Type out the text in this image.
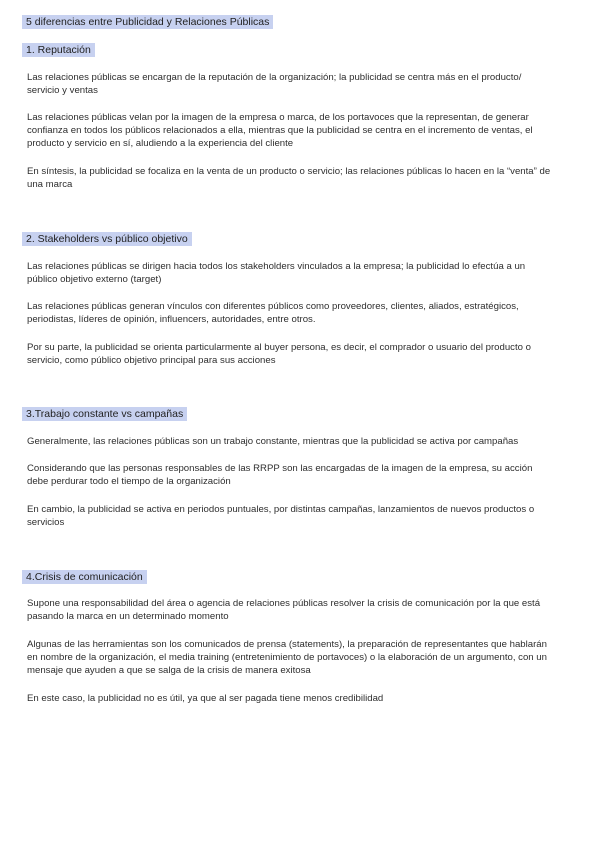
5 diferencias entre Publicidad y Relaciones Públicas
1. Reputación

Las relaciones públicas se encargan de la reputación de la organización; la publicidad se centra más en el producto/ servicio y ventas

Las relaciones públicas velan por la imagen de la empresa o marca, de los portavoces que la representan, de generar confianza en todos los públicos relacionados a ella, mientras que la publicidad se centra en el incremento de ventas, el producto y servicio en sí, aludiendo a la experiencia del cliente

En síntesis, la publicidad se focaliza en la venta de un producto o servicio; las relaciones públicas lo hacen en la “venta” de una marca

2. Stakeholders vs público objetivo

Las relaciones públicas se dirigen hacia todos los stakeholders vinculados a la empresa; la publicidad lo efectúa a un público objetivo externo (target)

Las relaciones públicas generan vínculos con diferentes públicos como proveedores, clientes, aliados, estratégicos, periodistas, líderes de opinión, influencers, autoridades, entre otros.

Por su parte, la publicidad se orienta particularmente al buyer persona, es decir, el comprador o usuario del producto o servicio, como público objetivo principal para sus acciones

3.Trabajo constante vs campañas

Generalmente, las relaciones públicas son un trabajo constante, mientras que la publicidad se activa por campañas

Considerando que las personas responsables de las RRPP son las encargadas de la imagen de la empresa, su acción debe perdurar todo el tiempo de la organización

En cambio, la publicidad se activa en periodos puntuales, por distintas campañas, lanzamientos de nuevos productos o servicios

4.Crisis de comunicación

Supone una responsabilidad del área o agencia de relaciones públicas resolver la crisis de comunicación por la que está pasando la marca en un determinado momento

Algunas de las herramientas son los comunicados de prensa (statements), la preparación de representantes que hablarán en nombre de la organización, el media training (entretenimiento de portavoces) o la elaboración de un argumento, con un mensaje que ayuden a que se salga de la crisis de manera exitosa

En este caso, la publicidad no es útil, ya que al ser pagada tiene menos credibilidad
